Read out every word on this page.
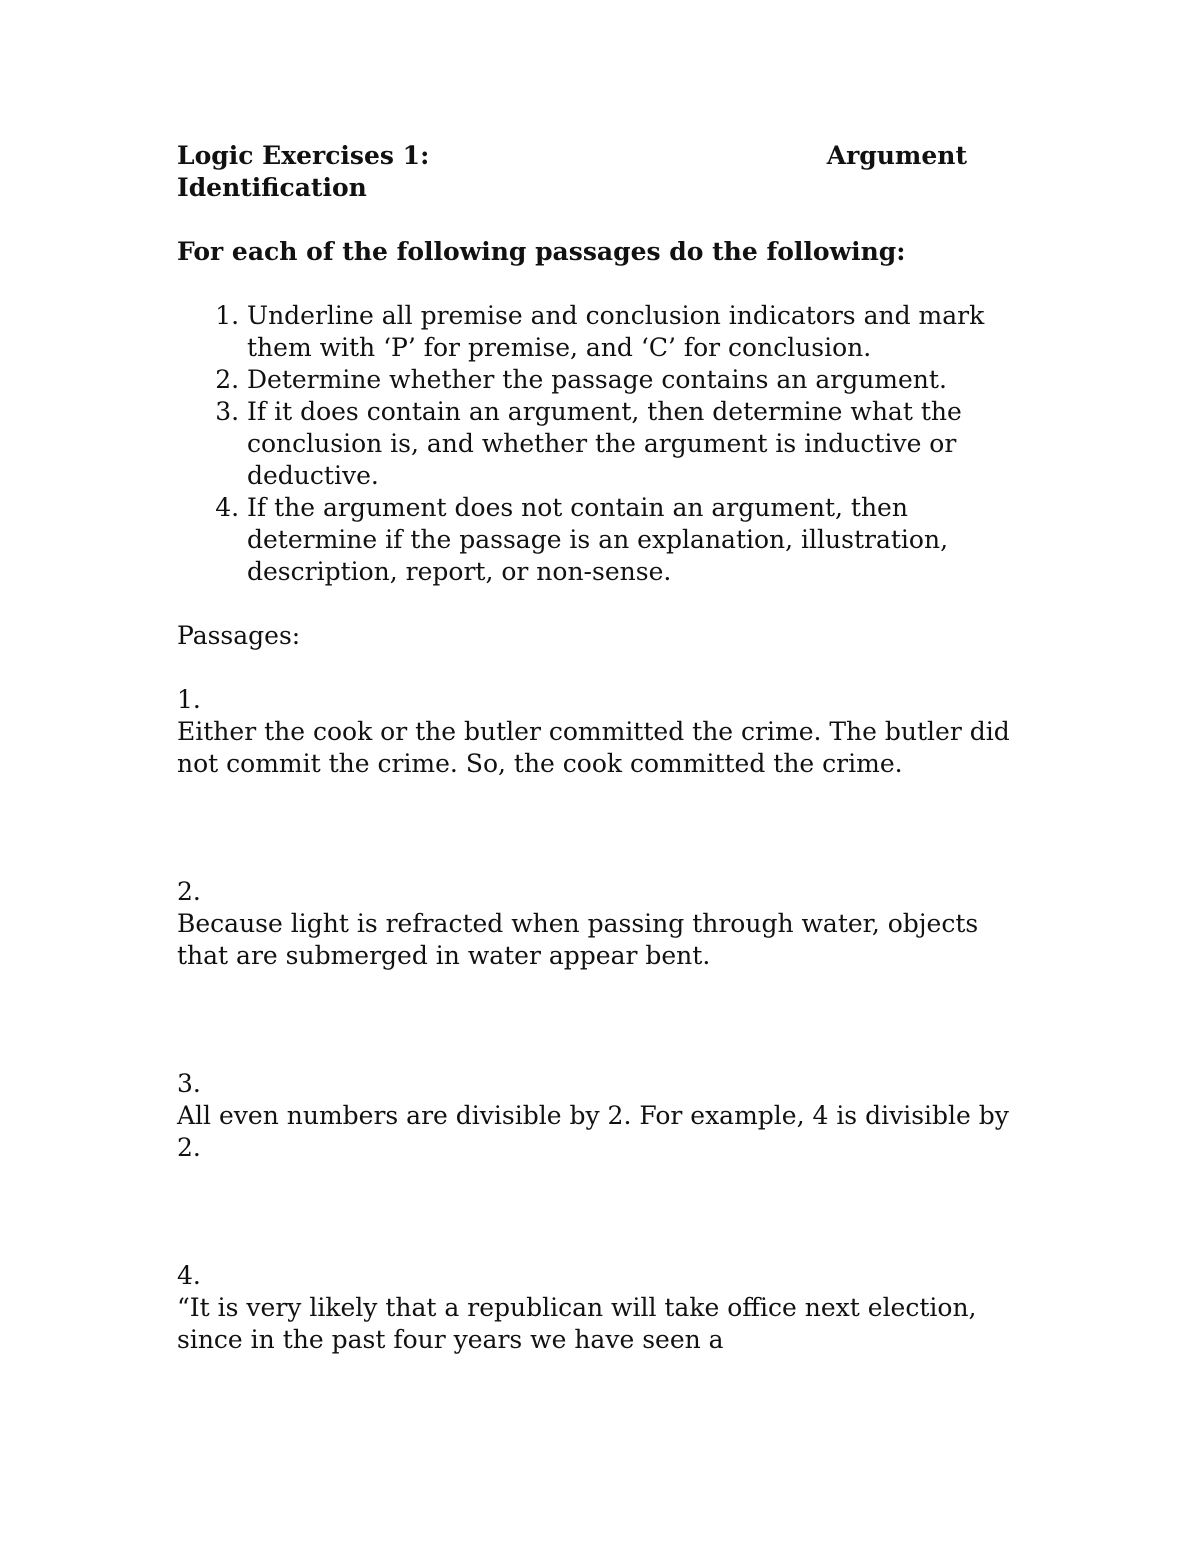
Logic Exercises 1:	Argument
Identification
For each of the following passages do the following:
1. Underline all premise and conclusion indicators and mark them with ‘P’ for premise, and ‘C’ for conclusion.
2. Determine whether the passage contains an argument.
3. If it does contain an argument, then determine what the conclusion is, and whether the argument is inductive or deductive.
4. If the argument does not contain an argument, then determine if the passage is an explanation, illustration, description, report, or non-sense.
Passages:
1.
Either the cook or the butler committed the crime. The butler did not commit the crime. So, the cook committed the crime.
2.
Because light is refracted when passing through water, objects that are submerged in water appear bent.
3.
All even numbers are divisible by 2. For example, 4 is divisible by 2.
4.
“It is very likely that a republican will take office next election, since in the past four years we have seen a
